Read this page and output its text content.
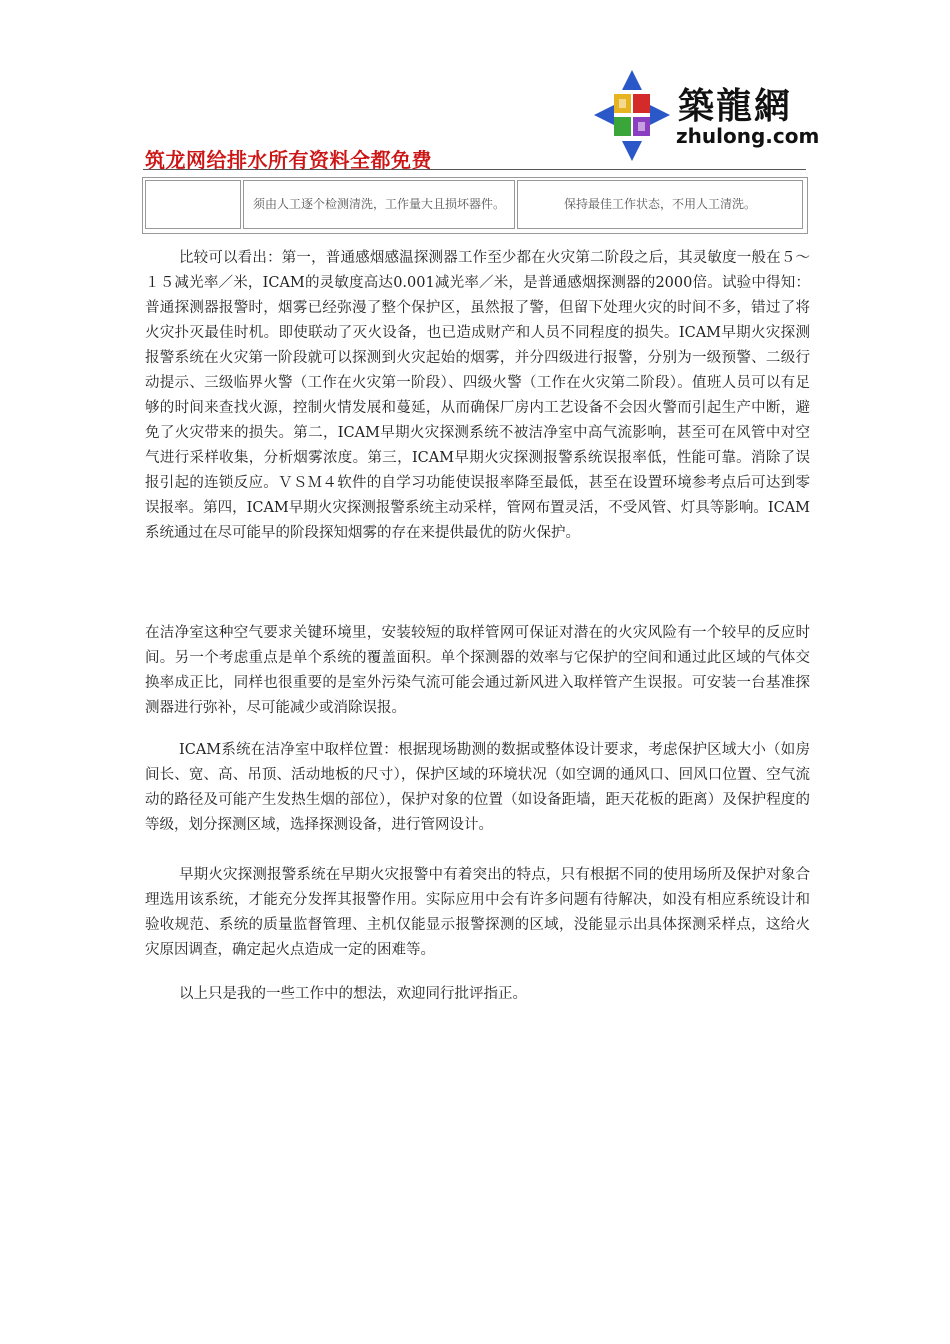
築龍網
zhulong.com
筑龙网给排水所有资料全都免费
须由人工逐个检测清洗，工作量大且损坏器件。	保持最佳工作状态，不用人工清洗。

比较可以看出：第一，普通感烟感温探测器工作至少都在火灾第二阶段之后，其灵敏度一般在５～１５减光率／米，ICAM的灵敏度高达0.001减光率／米，是普通感烟探测器的2000倍。试验中得知：普通探测器报警时，烟雾已经弥漫了整个保护区，虽然报了警，但留下处理火灾的时间不多，错过了将火灾扑灭最佳时机。即使联动了灭火设备，也已造成财产和人员不同程度的损失。ICAM早期火灾探测报警系统在火灾第一阶段就可以探测到火灾起始的烟雾，并分四级进行报警，分别为一级预警、二级行动提示、三级临界火警（工作在火灾第一阶段）、四级火警（工作在火灾第二阶段）。值班人员可以有足够的时间来查找火源，控制火情发展和蔓延，从而确保厂房内工艺设备不会因火警而引起生产中断，避免了火灾带来的损失。第二，ICAM早期火灾探测系统不被洁净室中高气流影响，甚至可在风管中对空气进行采样收集，分析烟雾浓度。第三，ICAM早期火灾探测报警系统误报率低，性能可靠。消除了误报引起的连锁反应。ＶＳＭ４软件的自学习功能使误报率降至最低，甚至在设置环境参考点后可达到零误报率。第四，ICAM早期火灾探测报警系统主动采样，管网布置灵活，不受风管、灯具等影响。ICAM系统通过在尽可能早的阶段探知烟雾的存在来提供最优的防火保护。

在洁净室这种空气要求关键环境里，安装较短的取样管网可保证对潜在的火灾风险有一个较早的反应时间。另一个考虑重点是单个系统的覆盖面积。单个探测器的效率与它保护的空间和通过此区域的气体交换率成正比，同样也很重要的是室外污染气流可能会通过新风进入取样管产生误报。可安装一台基准探测器进行弥补，尽可能减少或消除误报。

ICAM系统在洁净室中取样位置：根据现场勘测的数据或整体设计要求，考虑保护区域大小（如房间长、宽、高、吊顶、活动地板的尺寸），保护区域的环境状况（如空调的通风口、回风口位置、空气流动的路径及可能产生发热生烟的部位），保护对象的位置（如设备距墙，距天花板的距离）及保护程度的等级，划分探测区域，选择探测设备，进行管网设计。

早期火灾探测报警系统在早期火灾报警中有着突出的特点，只有根据不同的使用场所及保护对象合理选用该系统，才能充分发挥其报警作用。实际应用中会有许多问题有待解决，如没有相应系统设计和验收规范、系统的质量监督管理、主机仅能显示报警探测的区域，没能显示出具体探测采样点，这给火灾原因调查，确定起火点造成一定的困难等。

以上只是我的一些工作中的想法，欢迎同行批评指正。
